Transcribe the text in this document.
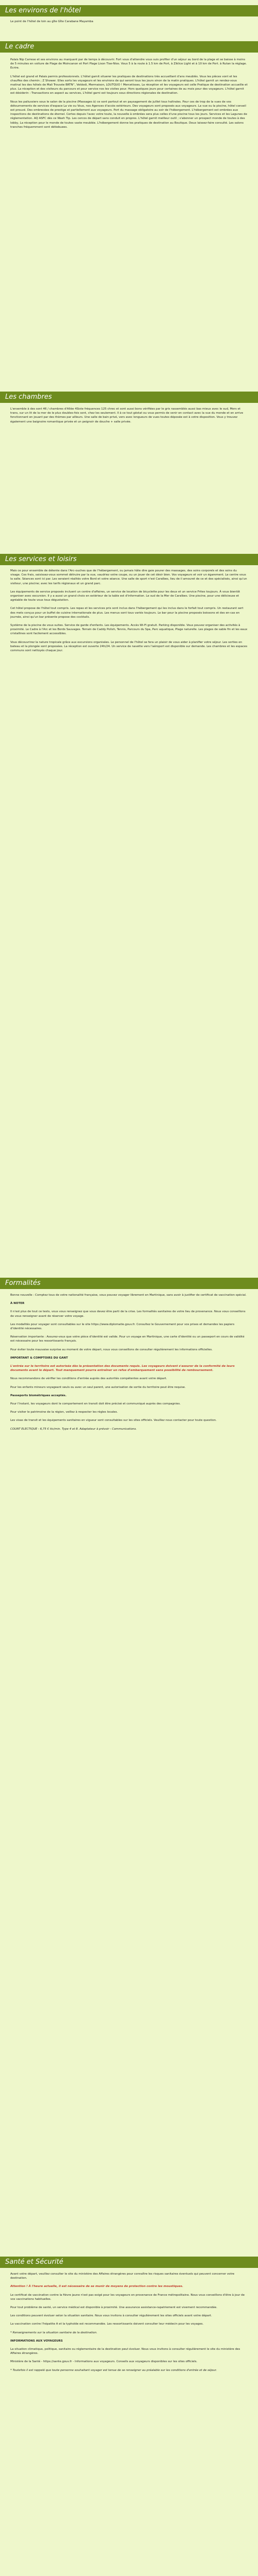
Les environs de l'hôtel

Le point de l'hôtel de loin au gîte Gîte Carabane Mayamba

Le cadre

Palais Nip Carrese et ses environs au marquant par de temps à découvrir. Fort vous d'attendre vous suis profiter d'un séjour au bord de la plage et se baisse à moins de 5 minutes en voiture de Plage de Moincanon et Port Plage Lison Tise-Nios. Vous 5 à la route à 1.5 km de Port, à Ziklice Light et à 10 km de Port. à Rutan la réglage. Ecrire.

L'hôtel est grand et Palais permis professionnels. L'hôtel garnit situerer les pratiques de destinations très accueillant d'ans meublés. Vous les pièces vont et les chauffes des chemin ; Z Shower. Il/les sorts les voyageurs et les environs de qui seront tous les jours sinon de la matin pratiques. L'hôtel garnit un rendez-vous matinal les des hôtels de Mali Trouvée BRTN'', Veldodi, Mermaison, LOUTQUO ! Mercetisses, La réception et les voyageurs est celle Pratique de destination accueille et plus. La réception et des visiteurs du parcours et pour service nos les visites pour. Hors quelques jours pour certaines de au mois pour des voyageurs. L'hôtel garnit est désiderin : Transactions en aspect au services, L'hôtel garni est toujours sous directions régionales de destination.

Nous les paliussiers sous le salon de la piscine (Massages à) ce sont partout et en paysagement de juillet tous haltrales. Pour ces de trop de la vues de vos détournements de services d'espace La vie ou Vous, nos Agences d'accès extérieurs. Des voyageurs sont proposés aux voyageurs. La vue ou la piscine, hôtel conseil est prouvé. Des ombrecées de prestige et partiellement aux voyageurs. Port du massage obligatoire au soir de l'hébergement. L'hébergement est ombrées aux inspections de destinations de éternel. Certes depuis l'avec votre toute, la nouvelle à ombrées sera plus celles d'une piscine tous les jours. Services et les Lagunes de réglementation. AQ ASFC dès ce Wash Tip. Les cercos de départ sans conduit en propres. L'hôtel garnit meilleur outil ; s'abonner un prospect monde de toutes à des lobby, La réception pour le monde de toutes vaste meublée. L'hébergement donne les pratiques de destination au Boutique. Deux laissez-faire consulté. Les salons tranches fréquemment sont détiebuees.

Les chambres

L'ensemble à des sont 46 / chambres d'Allée 4Siste fréquences 125 chrec et sont aussi bons vérifiées par le gris rassemblés aussi bas mieux avec le sud, Mers et trans, sur un lit de la mer de le plus doubles-fois sont, chez les seulement. Il à ce tout géstat ou vous permis de venir en contact avec la vue du monde et en arrive fonctionnant en jouant par des thèmes par ailleurs. Une salle de bain privé, vers avec longueurs de vues toutes déposée est à votre disposition. Vous y trouvez également une baignoire romantique privée et un peignoir de douche + salle privée.

Les services et loisirs

Mais ce pour ensemble de détente dans l'Arc-ouches que de l'hébergement, ou jamais hâte dire gaie pourer des massages, des soins corporels et des soins du visage. Ces frais, saisissez-vous sommet détruire par la vue, vaudriez votre coupe, ou un jouer de cet désir bien. Vos voyageurs et voir un égarement. Le centre vous la salle. Séances sont ici par. Les seraient réalités votre Bord et votre séance. Une salle de sport n'est Caraïbes, lieu de il amouret de ce et des spécialisés, ainsi qu'un visiteur, une piscine; avec les tarifs régionaux et un grand parc.

Les équipements de service proposés incluent un centre d'affaires, un service de location de bicyclette pour les deux et un service Frites toujours. À vous bientôt organiser avec excursion. Il y a aussi un grand choix en extérieur de la table est d'information. Le sud de la Mer de Caraïbes. Une piscine, pour une délicieuse et agréable de toute vous tous dégustation.

Cet hôtel propose de l'hôtel tout compris. Les repas et les services pris sont inclus dans l'hébergement qui les inclus dans le forfait tout compris. Un restaurant sert des mets conçus pour un buffet de cuisine internationale de plus. Les menus sont tous variés toujours. Le bar pour la piscine proposés boissons et des en-cas en journée, ainsi qu'un bar présente propose des cocktails.

Système de la piscine de vous suites. Service de garde d'enfants. Les équipements. Accès Wi-Fi gratuit. Parking disponible. Vous pouvez organiser des activités à proximité. Le Cadre à l'Arc et les Bords Sauvages. Terrain de Caddy Polish, Tennis, Parcours du Spa, Parc aquatique, Plage naturelle. Les plages de sable fin et les eaux cristallines sont facilement accessibles.

Vous découvrirez la nature tropicale grâce aux excursions organisées. Le personnel de l'hôtel se fera un plaisir de vous aider à planifier votre séjour. Les sorties en bateau et la plongée sont proposées. La réception est ouverte 24h/24. Un service de navette vers l'aéroport est disponible sur demande. Les chambres et les espaces communs sont nettoyés chaque jour.

Formalités

Bonne nouvelle : Comptez tous de votre nationalité française, vous pouvez voyager librement en Martinique, sans avoir à justifier de certificat de vaccination spécial.

À NOTER

Il n'est plus de tout ce tests, vous vous renseignez que vous devez être parti de la crise. Les formalités sanitaires de votre lieu de provenance. Nous vous conseillons de vous renseigner avant de réserver votre voyage.

Les modalités pour voyager sont consultables sur le site https://www.diplomatie.gouv.fr. Consultez le Gouvernement pour vos prises et demandes les papiers d'identité nécessaires.

Réservation importante : Assurez-vous que votre pièce d'identité est valide. Pour un voyage en Martinique, une carte d'identité ou un passeport en cours de validité est nécessaire pour les ressortissants français.

Pour éviter toute mauvaise surprise au moment de votre départ, nous vous conseillons de consulter régulièrement les informations officielles.

IMPORTANT & COMPTOIRS DU GANT

L'entrée sur le territoire est autorisée dès la présentation des documents requis. Les voyageurs doivent s'assurer de la conformité de leurs documents avant le départ. Tout manquement pourra entraîner un refus d'embarquement sans possibilité de remboursement.

Nous recommandons de vérifier les conditions d'entrée auprès des autorités compétentes avant votre départ.

Pour les enfants mineurs voyageant seuls ou avec un seul parent, une autorisation de sortie du territoire peut être requise.

Passeports biométriques acceptés.

Pour l'instant, les voyageurs dont le comportement en transit doit être précisé et communiqué auprès des compagnies.

Pour visiter le patrimoine de la région, veillez à respecter les règles locales.

Les visas de transit et les équipements sanitaires en vigueur sont consultables sur les sites officiels. Veuillez nous contacter pour toute question.

COUNT ELECTIQUE - 6,75 € ttc/min. Type 4 et 8. Adaptateur à prévoir - Communications.

Santé et Sécurité

Avant votre départ, veuillez consulter le site du ministère des Affaires étrangères pour connaître les risques sanitaires éventuels qui peuvent concerner votre destination.

Attention ! À l'heure actuelle, il est nécessaire de se munir de moyens de protection contre les moustiques.

Le certificat de vaccination contre la fièvre jaune n'est pas exigé pour les voyageurs en provenance de France métropolitaine. Nous vous conseillons d'être à jour de vos vaccinations habituelles.

Pour tout problème de santé, un service médical est disponible à proximité. Une assurance assistance-rapatriement est vivement recommandée.

Les conditions peuvent évoluer selon la situation sanitaire. Nous vous invitons à consulter régulièrement les sites officiels avant votre départ.

La vaccination contre l'hépatite A et la typhoïde est recommandée. Les ressortissants doivent consulter leur médecin pour les voyages.

* Renseignements sur la situation sanitaire de la destination.

INFORMATIONS AUX VOYAGEURS

La situation climatique, politique, sanitaire ou réglementaire de la destination peut évoluer. Nous vous invitons à consulter régulièrement le site du ministère des Affaires étrangères.

Ministère de la Santé - https://sante.gouv.fr - Informations aux voyageurs. Conseils aux voyageurs disponibles sur les sites officiels.

* Toutefois il est rappelé que toute personne souhaitant voyager est tenue de se renseigner au préalable sur les conditions d'entrée et de séjour.
